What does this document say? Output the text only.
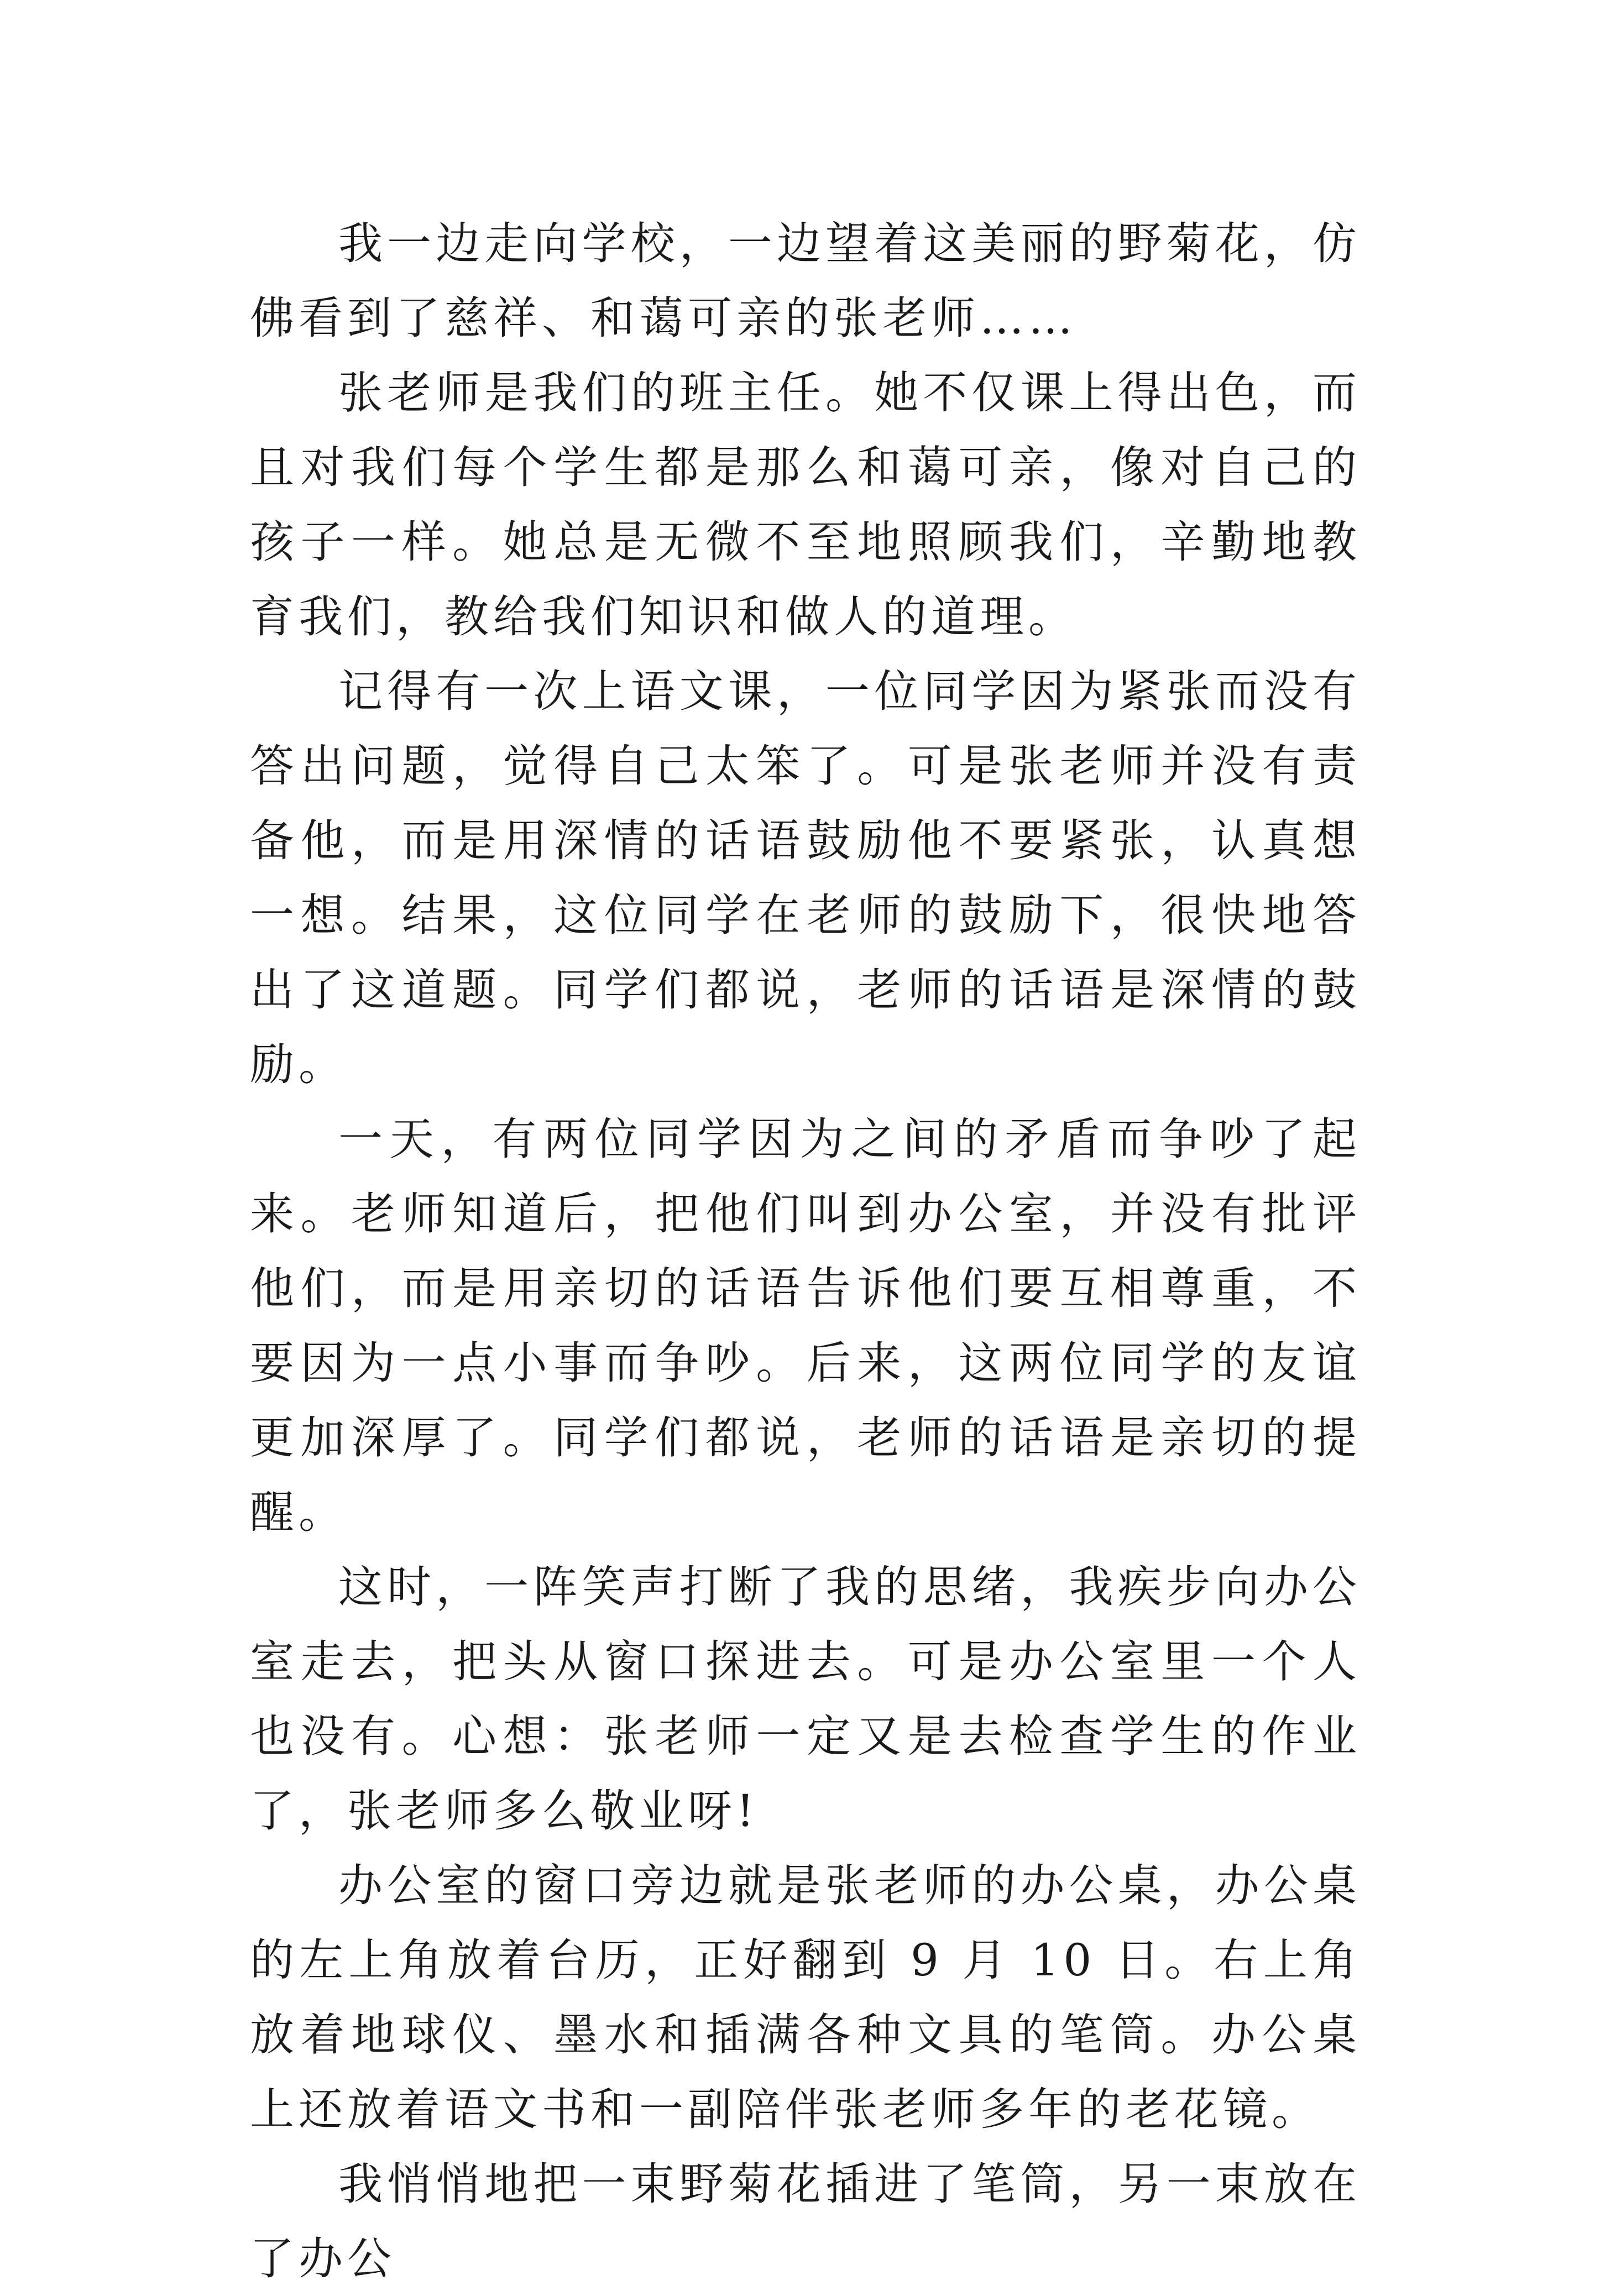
我一边走向学校，一边望着这美丽的野菊花，仿佛看到了慈祥、和蔼可亲的张老师……

张老师是我们的班主任。她不仅课上得出色，而且对我们每个学生都是那么和蔼可亲，像对自己的孩子一样。她总是无微不至地照顾我们，辛勤地教育我们，教给我们知识和做人的道理。

记得有一次上语文课，一位同学因为紧张而没有答出问题，觉得自己太笨了。可是张老师并没有责备他，而是用深情的话语鼓励他不要紧张，认真想一想。结果，这位同学在老师的鼓励下，很快地答出了这道题。同学们都说，老师的话语是深情的鼓励。

一天，有两位同学因为之间的矛盾而争吵了起来。老师知道后，把他们叫到办公室，并没有批评他们，而是用亲切的话语告诉他们要互相尊重，不要因为一点小事而争吵。后来，这两位同学的友谊更加深厚了。同学们都说，老师的话语是亲切的提醒。

这时，一阵笑声打断了我的思绪，我疾步向办公室走去，把头从窗口探进去。可是办公室里一个人也没有。心想：张老师一定又是去检查学生的作业了，张老师多么敬业呀!

办公室的窗口旁边就是张老师的办公桌，办公桌的左上角放着台历，正好翻到 9 月 10 日。右上角放着地球仪、墨水和插满各种文具的笔筒。办公桌上还放着语文书和一副陪伴张老师多年的老花镜。

我悄悄地把一束野菊花插进了笔筒，另一束放在了办公
